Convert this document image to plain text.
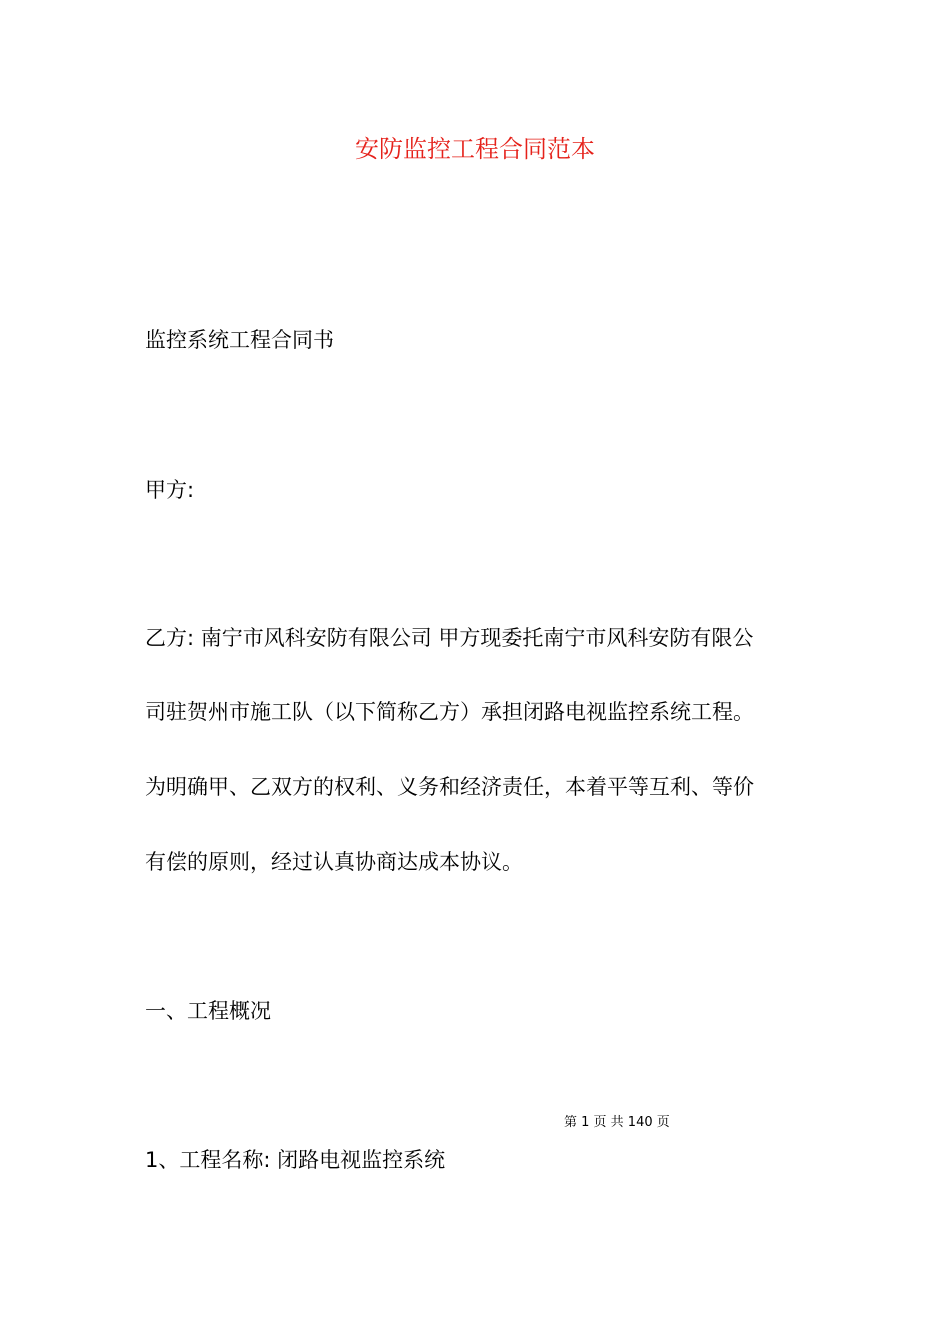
安防监控工程合同范本
监控系统工程合同书
甲方:
乙方: 南宁市风科安防有限公司 甲方现委托南宁市风科安防有限公
司驻贺州市施工队（以下简称乙方）承担闭路电视监控系统工程。
为明确甲、乙双方的权利、义务和经济责任，本着平等互利、等价
有偿的原则，经过认真协商达成本协议。
一、工程概况
第 1 页 共 140 页
1、工程名称: 闭路电视监控系统
